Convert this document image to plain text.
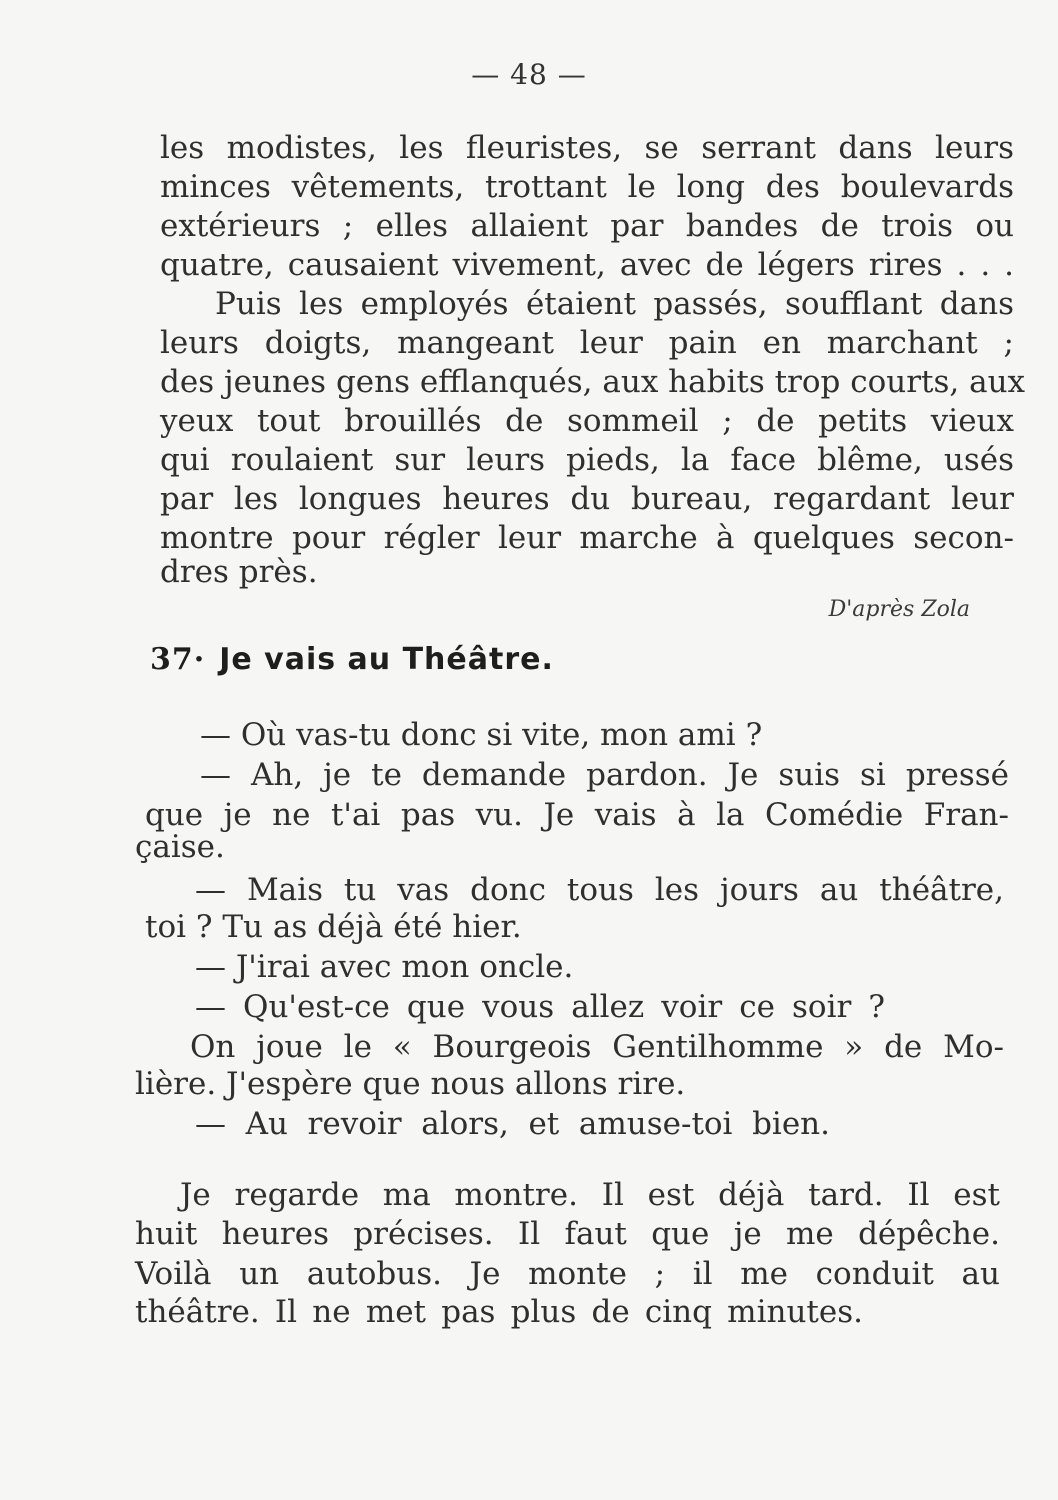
— 48 —
les modistes, les fleuristes, se serrant dans leurs
minces vêtements, trottant le long des boulevards
extérieurs ; elles allaient par bandes de trois ou
quatre, causaient vivement, avec de légers rires . . .
Puis les employés étaient passés, soufflant dans
leurs doigts, mangeant leur pain en marchant ;
des jeunes gens efflanqués, aux habits trop courts, aux
yeux tout brouillés de sommeil ; de petits vieux
qui roulaient sur leurs pieds, la face blême, usés
par les longues heures du bureau, regardant leur
montre pour régler leur marche à quelques secon-
dres près.
D'après Zola
37· Je vais au Théâtre.
— Où vas-tu donc si vite, mon ami ?
— Ah, je te demande pardon. Je suis si pressé
que je ne t'ai pas vu. Je vais à la Comédie Fran-
çaise.
— Mais tu vas donc tous les jours au théâtre,
toi ? Tu as déjà été hier.
— J'irai avec mon oncle.
— Qu'est-ce que vous allez voir ce soir ?
On joue le « Bourgeois Gentilhomme » de Mo-
lière. J'espère que nous allons rire.
— Au revoir alors, et amuse-toi bien.
Je regarde ma montre. Il est déjà tard. Il est
huit heures précises. Il faut que je me dépêche.
Voilà un autobus. Je monte ; il me conduit au
théâtre. Il ne met pas plus de cinq minutes.
